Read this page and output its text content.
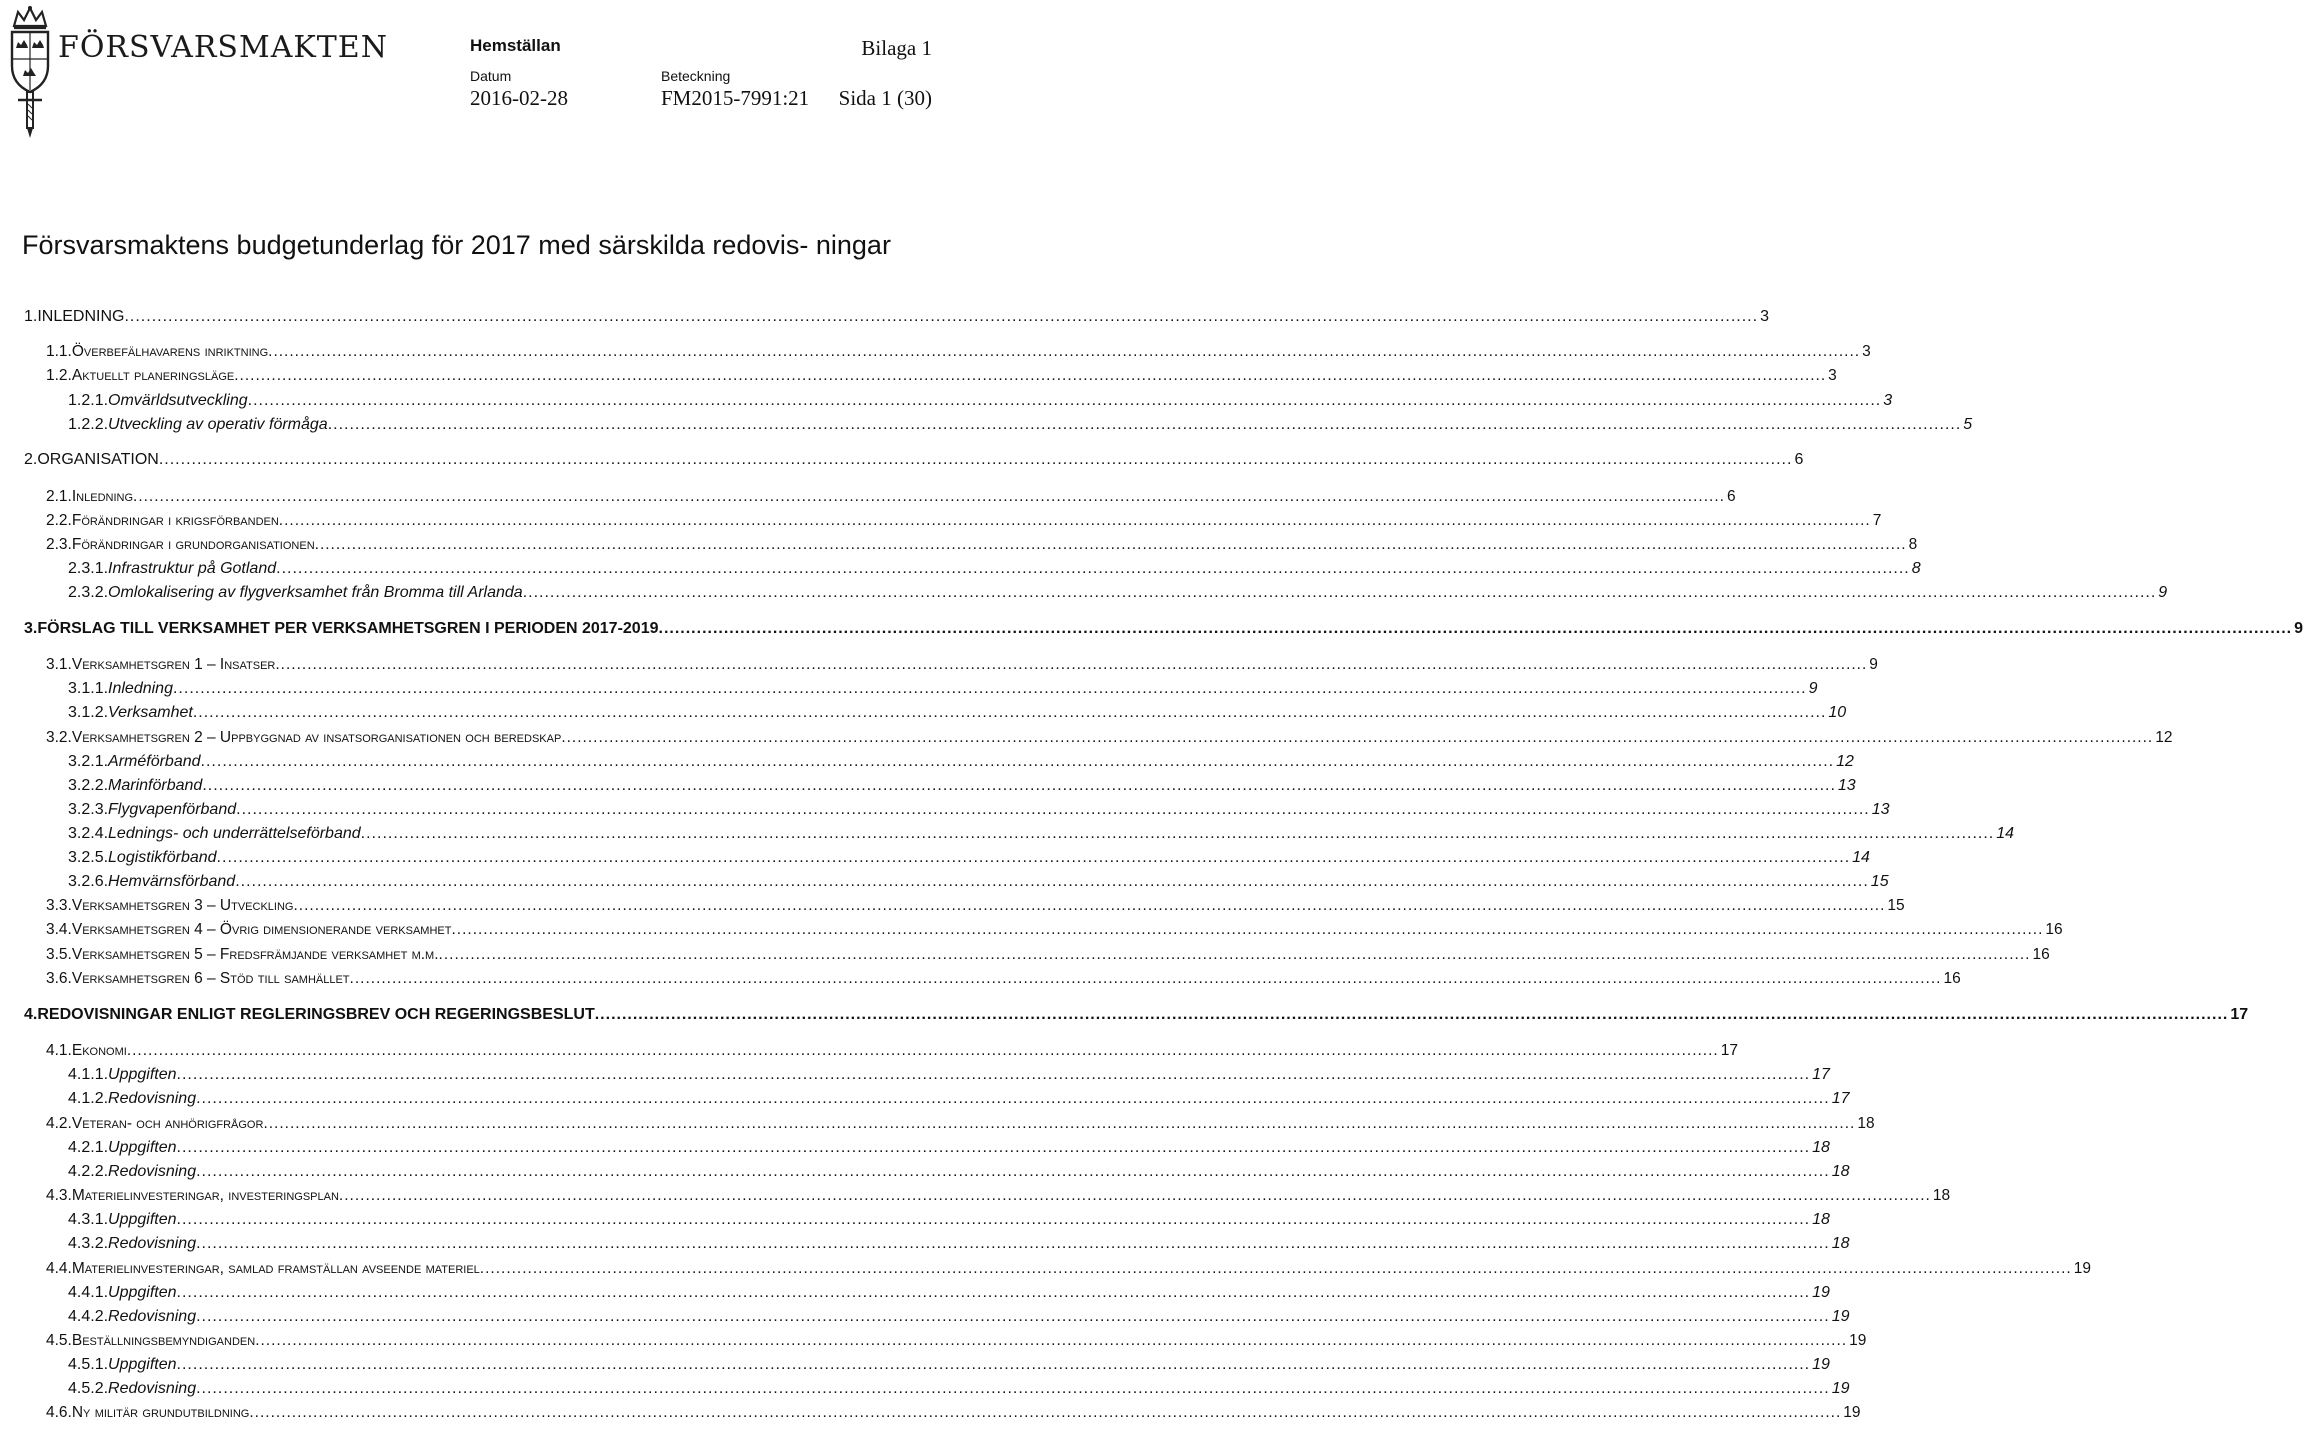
FÖRSVARSMAKTEN	Hemställan	Bilaga 1
Datum	Beteckning
2016-02-28	FM2015-7991:21 Sida 1 (30)
Försvarsmaktens budgetunderlag för 2017 med särskilda redovis- ningar
1. INLEDNING ............................................................................................................................................................................................................................................................................................................ 3
1.1. Överbefälhavarens inriktning ............................................................................................................................................................................................................................................................................................................ 3
1.2. Aktuellt planeringsläge ............................................................................................................................................................................................................................................................................................................ 3
1.2.1. Omvärldsutveckling ............................................................................................................................................................................................................................................................................................................ 3
1.2.2. Utveckling av operativ förmåga ............................................................................................................................................................................................................................................................................................................ 5
2. ORGANISATION ............................................................................................................................................................................................................................................................................................................ 6
2.1. Inledning ............................................................................................................................................................................................................................................................................................................ 6
2.2. Förändringar i krigsförbanden ............................................................................................................................................................................................................................................................................................................ 7
2.3. Förändringar i grundorganisationen ............................................................................................................................................................................................................................................................................................................ 8
2.3.1. Infrastruktur på Gotland ............................................................................................................................................................................................................................................................................................................ 8
2.3.2. Omlokalisering av flygverksamhet från Bromma till Arlanda ............................................................................................................................................................................................................................................................................................................ 9
3. FÖRSLAG TILL VERKSAMHET PER VERKSAMHETSGREN I PERIODEN 2017-2019 ............................................................................................................................................................................................................................................................................................................ 9
3.1. Verksamhetsgren 1 – Insatser ............................................................................................................................................................................................................................................................................................................ 9
3.1.1. Inledning ............................................................................................................................................................................................................................................................................................................ 9
3.1.2. Verksamhet ............................................................................................................................................................................................................................................................................................................ 10
3.2. Verksamhetsgren 2 – Uppbyggnad av insatsorganisationen och beredskap ............................................................................................................................................................................................................................................................................................................ 12
3.2.1. Arméförband ............................................................................................................................................................................................................................................................................................................ 12
3.2.2. Marinförband ............................................................................................................................................................................................................................................................................................................ 13
3.2.3. Flygvapenförband ............................................................................................................................................................................................................................................................................................................ 13
3.2.4. Lednings- och underrättelseförband ............................................................................................................................................................................................................................................................................................................ 14
3.2.5. Logistikförband ............................................................................................................................................................................................................................................................................................................ 14
3.2.6. Hemvärnsförband ............................................................................................................................................................................................................................................................................................................ 15
3.3. Verksamhetsgren 3 – Utveckling ............................................................................................................................................................................................................................................................................................................ 15
3.4. Verksamhetsgren 4 – Övrig dimensionerande verksamhet ............................................................................................................................................................................................................................................................................................................ 16
3.5. Verksamhetsgren 5 – Fredsfrämjande verksamhet m.m. ............................................................................................................................................................................................................................................................................................................ 16
3.6. Verksamhetsgren 6 – Stöd till samhället ............................................................................................................................................................................................................................................................................................................ 16
4. REDOVISNINGAR ENLIGT REGLERINGSBREV OCH REGERINGSBESLUT ............................................................................................................................................................................................................................................................................................................ 17
4.1. Ekonomi ............................................................................................................................................................................................................................................................................................................ 17
4.1.1. Uppgiften ............................................................................................................................................................................................................................................................................................................ 17
4.1.2. Redovisning ............................................................................................................................................................................................................................................................................................................ 17
4.2. Veteran- och anhörigfrågor ............................................................................................................................................................................................................................................................................................................ 18
4.2.1. Uppgiften ............................................................................................................................................................................................................................................................................................................ 18
4.2.2. Redovisning ............................................................................................................................................................................................................................................................................................................ 18
4.3. Materielinvesteringar, investeringsplan ............................................................................................................................................................................................................................................................................................................ 18
4.3.1. Uppgiften ............................................................................................................................................................................................................................................................................................................ 18
4.3.2. Redovisning ............................................................................................................................................................................................................................................................................................................ 18
4.4. Materielinvesteringar, samlad framställan avseende materiel ............................................................................................................................................................................................................................................................................................................ 19
4.4.1. Uppgiften ............................................................................................................................................................................................................................................................................................................ 19
4.4.2. Redovisning ............................................................................................................................................................................................................................................................................................................ 19
4.5. Beställningsbemyndiganden ............................................................................................................................................................................................................................................................................................................ 19
4.5.1. Uppgiften ............................................................................................................................................................................................................................................................................................................ 19
4.5.2. Redovisning ............................................................................................................................................................................................................................................................................................................ 19
4.6. Ny militär grundutbildning ............................................................................................................................................................................................................................................................................................................ 19
